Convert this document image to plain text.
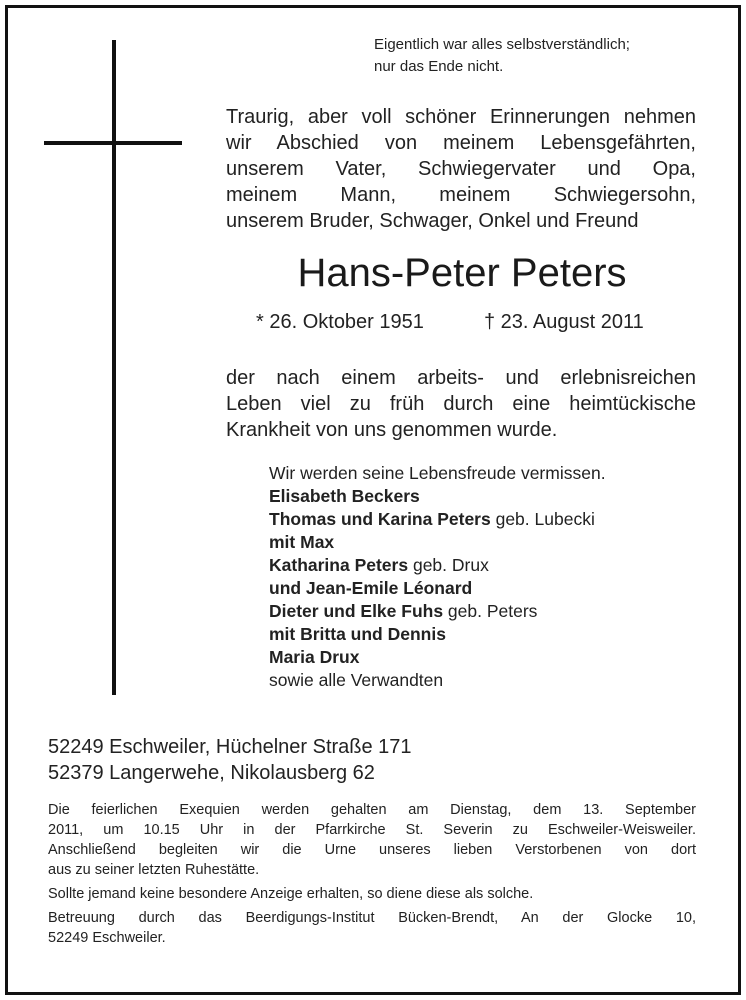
Eigentlich war alles selbstverständlich;
nur das Ende nicht.
Traurig, aber voll schöner Erinnerungen nehmen
wir Abschied von meinem Lebensgefährten,
unserem Vater, Schwiegervater und Opa,
meinem Mann, meinem Schwiegersohn,
unserem Bruder, Schwager, Onkel und Freund
Hans-Peter Peters
* 26. Oktober 1951	† 23. August 2011
der nach einem arbeits- und erlebnisreichen
Leben viel zu früh durch eine heimtückische
Krankheit von uns genommen wurde.
Wir werden seine Lebensfreude vermissen.
Elisabeth Beckers
Thomas und Karina Peters geb. Lubecki
mit Max
Katharina Peters geb. Drux
und Jean-Emile Léonard
Dieter und Elke Fuhs geb. Peters
mit Britta und Dennis
Maria Drux
sowie alle Verwandten
52249 Eschweiler, Hüchelner Straße 171
52379 Langerwehe, Nikolausberg 62
Die feierlichen Exequien werden gehalten am Dienstag, dem 13. September
2011, um 10.15 Uhr in der Pfarrkirche St. Severin zu Eschweiler-Weisweiler.
Anschließend begleiten wir die Urne unseres lieben Verstorbenen von dort
aus zu seiner letzten Ruhestätte.
Sollte jemand keine besondere Anzeige erhalten, so diene diese als solche.
Betreuung durch das Beerdigungs-Institut Bücken-Brendt, An der Glocke 10,
52249 Eschweiler.
